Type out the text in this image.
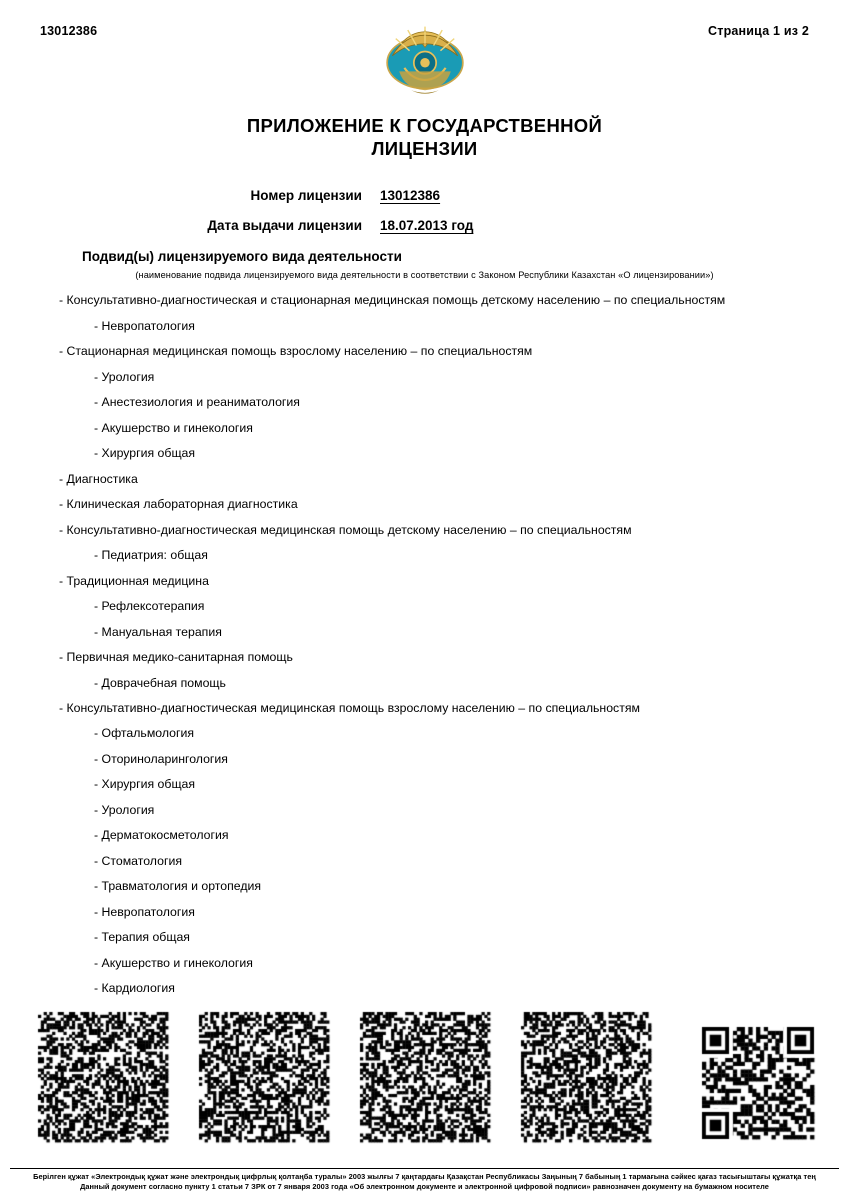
13012386	Страница 1 из 2
ПРИЛОЖЕНИЕ К ГОСУДАРСТВЕННОЙ
ЛИЦЕНЗИИ
Номер лицензии	13012386
Дата выдачи лицензии	18.07.2013 год
Подвид(ы) лицензируемого вида деятельности
(наименование подвида лицензируемого вида деятельности в соответствии с Законом Республики Казахстан «О лицензировании»)
- Консультативно-диагностическая и стационарная медицинская помощь детскому населению – по специальностям
- Невропатология
- Стационарная медицинская помощь взрослому населению – по специальностям
- Урология
- Анестезиология и реаниматология
- Акушерство и гинекология
- Хирургия общая
- Диагностика
- Клиническая лабораторная диагностика
- Консультативно-диагностическая медицинская помощь детскому населению – по специальностям
- Педиатрия: общая
- Традиционная медицина
- Рефлексотерапия
- Мануальная терапия
- Первичная медико-санитарная помощь
- Доврачебная помощь
- Консультативно-диагностическая медицинская помощь взрослому населению – по специальностям
- Офтальмология
- Оториноларингология
- Хирургия общая
- Урология
- Дерматокосметология
- Стоматология
- Травматология и ортопедия
- Невропатология
- Терапия общая
- Акушерство и гинекология
- Кардиология
Берілген құжат «Электрондық құжат және электрондық цифрлық қолтаңба туралы» 2003 жылғы 7 қаңтардағы Қазақстан Республикасы Заңының 7 бабының 1 тармағына сәйкес қағаз тасығыштағы құжатқа тең
Данный документ согласно пункту 1 статьи 7 ЗРК от 7 января 2003 года «Об электронном документе и электронной цифровой подписи» равнозначен документу на бумажном носителе
